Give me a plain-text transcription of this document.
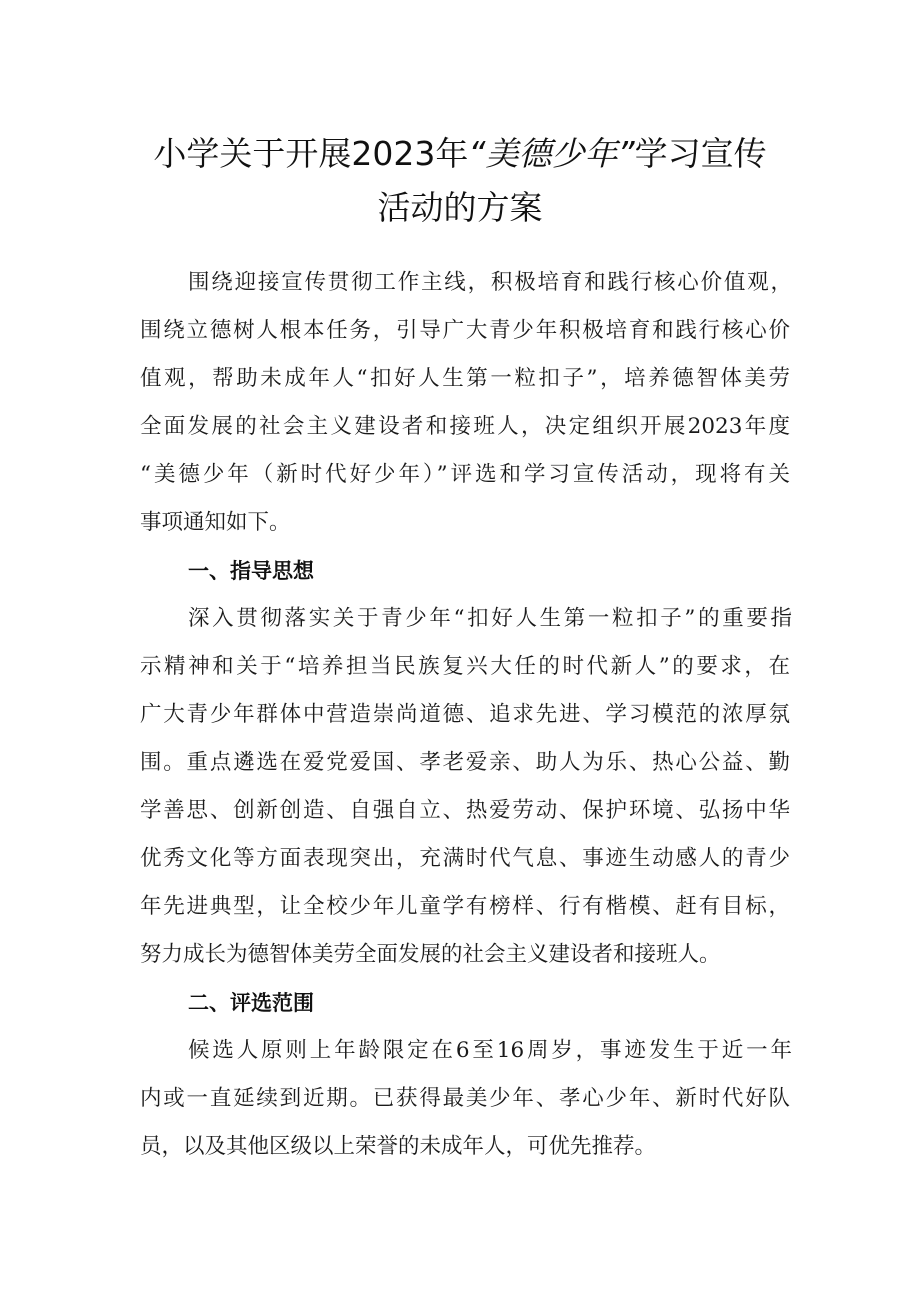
小学关于开展2023年“美德少年”学习宣传
活动的方案
围绕迎接宣传贯彻工作主线，积极培育和践行核心价值观，
围绕立德树人根本任务，引导广大青少年积极培育和践行核心价
值观，帮助未成年人“扣好人生第一粒扣子”，培养德智体美劳
全面发展的社会主义建设者和接班人，决定组织开展2023年度
“美德少年（新时代好少年）”评选和学习宣传活动，现将有关
事项通知如下。
一、指导思想
深入贯彻落实关于青少年“扣好人生第一粒扣子”的重要指
示精神和关于“培养担当民族复兴大任的时代新人”的要求，在
广大青少年群体中营造崇尚道德、追求先进、学习模范的浓厚氛
围。重点遴选在爱党爱国、孝老爱亲、助人为乐、热心公益、勤
学善思、创新创造、自强自立、热爱劳动、保护环境、弘扬中华
优秀文化等方面表现突出，充满时代气息、事迹生动感人的青少
年先进典型，让全校少年儿童学有榜样、行有楷模、赶有目标，
努力成长为德智体美劳全面发展的社会主义建设者和接班人。
二、评选范围
候选人原则上年龄限定在6至16周岁，事迹发生于近一年
内或一直延续到近期。已获得最美少年、孝心少年、新时代好队
员，以及其他区级以上荣誉的未成年人，可优先推荐。
